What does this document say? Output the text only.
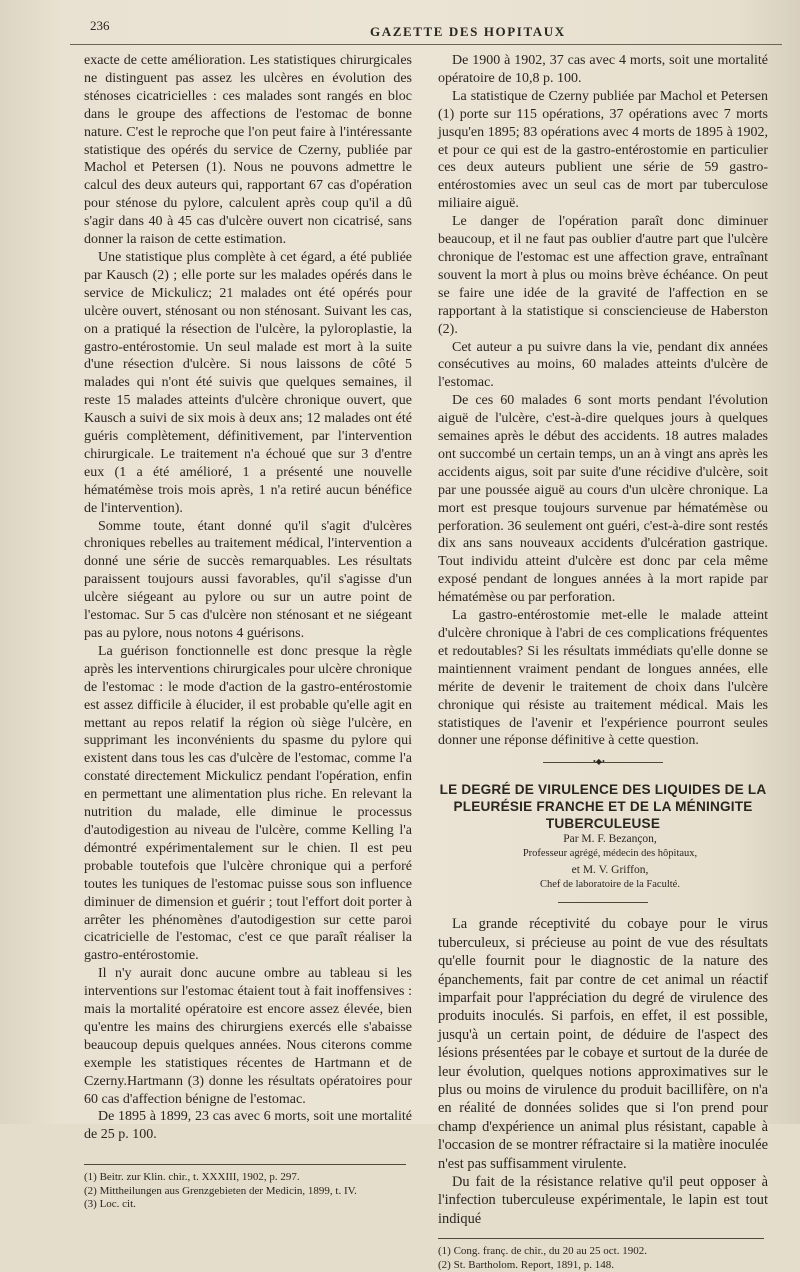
236	GAZETTE DES HOPITAUX

exacte de cette amélioration. Les statistiques chirurgicales ne distinguent pas assez les ulcères en évolution des sténoses cicatricielles : ces malades sont rangés en bloc dans le groupe des affections de l'estomac de bonne nature. C'est le reproche que l'on peut faire à l'intéressante statistique des opérés du service de Czerny, publiée par Machol et Petersen (1). Nous ne pouvons admettre le calcul des deux auteurs qui, rapportant 67 cas d'opération pour sténose du pylore, calculent après coup qu'il a dû s'agir dans 40 à 45 cas d'ulcère ouvert non cicatrisé, sans donner la raison de cette estimation.

Une statistique plus complète à cet égard, a été publiée par Kausch (2) ; elle porte sur les malades opérés dans le service de Mickulicz; 21 malades ont été opérés pour ulcère ouvert, sténosant ou non sténosant. Suivant les cas, on a pratiqué la résection de l'ulcère, la pyloroplastie, la gastro-entérostomie. Un seul malade est mort à la suite d'une résection d'ulcère. Si nous laissons de côté 5 malades qui n'ont été suivis que quelques semaines, il reste 15 malades atteints d'ulcère chronique ouvert, que Kausch a suivi de six mois à deux ans; 12 malades ont été guéris complètement, définitivement, par l'intervention chirurgicale. Le traitement n'a échoué que sur 3 d'entre eux (1 a été amélioré, 1 a présenté une nouvelle hématémèse trois mois après, 1 n'a retiré aucun bénéfice de l'intervention).

Somme toute, étant donné qu'il s'agit d'ulcères chroniques rebelles au traitement médical, l'intervention a donné une série de succès remarquables. Les résultats paraissent toujours aussi favorables, qu'il s'agisse d'un ulcère siégeant au pylore ou sur un autre point de l'estomac. Sur 5 cas d'ulcère non sténosant et ne siégeant pas au pylore, nous notons 4 guérisons.

La guérison fonctionnelle est donc presque la règle après les interventions chirurgicales pour ulcère chronique de l'estomac : le mode d'action de la gastro-entérostomie est assez difficile à élucider, il est probable qu'elle agit en mettant au repos relatif la région où siège l'ulcère, en supprimant les inconvénients du spasme du pylore qui existent dans tous les cas d'ulcère de l'estomac, comme l'a constaté directement Mickulicz pendant l'opération, enfin en permettant une alimentation plus riche. En relevant la nutrition du malade, elle diminue le processus d'autodigestion au niveau de l'ulcère, comme Kelling l'a démontré expérimentalement sur le chien. Il est peu probable toutefois que l'ulcère chronique qui a perforé toutes les tuniques de l'estomac puisse sous son influence diminuer de dimension et guérir ; tout l'effort doit porter à arrêter les phénomènes d'autodigestion sur cette paroi cicatricielle de l'estomac, c'est ce que paraît réaliser la gastro-entérostomie.

Il n'y aurait donc aucune ombre au tableau si les interventions sur l'estomac étaient tout à fait inoffensives : mais la mortalité opératoire est encore assez élevée, bien qu'entre les mains des chirurgiens exercés elle s'abaisse beaucoup depuis quelques années. Nous citerons comme exemple les statistiques récentes de Hartmann et de Czerny.Hartmann (3) donne les résultats opératoires pour 60 cas d'affection bénigne de l'estomac.

De 1895 à 1899, 23 cas avec 6 morts, soit une mortalité de 25 p. 100.

(1) Beitr. zur Klin. chir., t. XXXIII, 1902, p. 297.
(2) Mittheilungen aus Grenzgebieten der Medicin, 1899, t. IV.
(3) Loc. cit.

De 1900 à 1902, 37 cas avec 4 morts, soit une mortalité opératoire de 10,8 p. 100.

La statistique de Czerny publiée par Machol et Petersen (1) porte sur 115 opérations, 37 opérations avec 7 morts jusqu'en 1895; 83 opérations avec 4 morts de 1895 à 1902, et pour ce qui est de la gastro-entérostomie en particulier ces deux auteurs publient une série de 59 gastro-entérostomies avec un seul cas de mort par tuberculose miliaire aiguë.

Le danger de l'opération paraît donc diminuer beaucoup, et il ne faut pas oublier d'autre part que l'ulcère chronique de l'estomac est une affection grave, entraînant souvent la mort à plus ou moins brève échéance. On peut se faire une idée de la gravité de l'affection en se rapportant à la statistique si consciencieuse de Haberston (2).

Cet auteur a pu suivre dans la vie, pendant dix années consécutives au moins, 60 malades atteints d'ulcère de l'estomac.

De ces 60 malades 6 sont morts pendant l'évolution aiguë de l'ulcère, c'est-à-dire quelques jours à quelques semaines après le début des accidents. 18 autres malades ont succombé un certain temps, un an à vingt ans après les accidents aigus, soit par suite d'une récidive d'ulcère, soit par une poussée aiguë au cours d'un ulcère chronique. La mort est presque toujours survenue par hématémèse ou perforation. 36 seulement ont guéri, c'est-à-dire sont restés dix ans sans nouveaux accidents d'ulcération gastrique. Tout individu atteint d'ulcère est donc par cela même exposé pendant de longues années à la mort rapide par hématémèse ou par perforation.

La gastro-entérostomie met-elle le malade atteint d'ulcère chronique à l'abri de ces complications fréquentes et redoutables? Si les résultats immédiats qu'elle donne se maintiennent vraiment pendant de longues années, elle mérite de devenir le traitement de choix dans l'ulcère chronique qui résiste au traitement médical. Mais les statistiques de l'avenir et l'expérience pourront seules donner une réponse définitive à cette question.

•◆•
LE DEGRÉ DE VIRULENCE DES LIQUIDES DE LA PLEURÉSIE FRANCHE ET DE LA MÉNINGITE TUBERCULEUSE

Par M. F. Bezançon,

Professeur agrégé, médecin des hôpitaux,

et M. V. Griffon,

Chef de laboratoire de la Faculté.

La grande réceptivité du cobaye pour le virus tuberculeux, si précieuse au point de vue des résultats qu'elle fournit pour le diagnostic de la nature des épanchements, fait par contre de cet animal un réactif imparfait pour l'appréciation du degré de virulence des produits inoculés. Si parfois, en effet, il est possible, jusqu'à un certain point, de déduire de l'aspect des lésions présentées par le cobaye et surtout de la durée de leur évolution, quelques notions approximatives sur le plus ou moins de virulence du produit bacillifère, on n'a en réalité de données solides que si l'on prend pour champ d'expérience un animal plus résistant, capable à l'occasion de se montrer réfractaire si la matière inoculée n'est pas suffisamment virulente.

Du fait de la résistance relative qu'il peut opposer à l'infection tuberculeuse expérimentale, le lapin est tout indiqué

(1) Cong. franç. de chir., du 20 au 25 oct. 1902.
(2) St. Bartholom. Report, 1891, p. 148.
